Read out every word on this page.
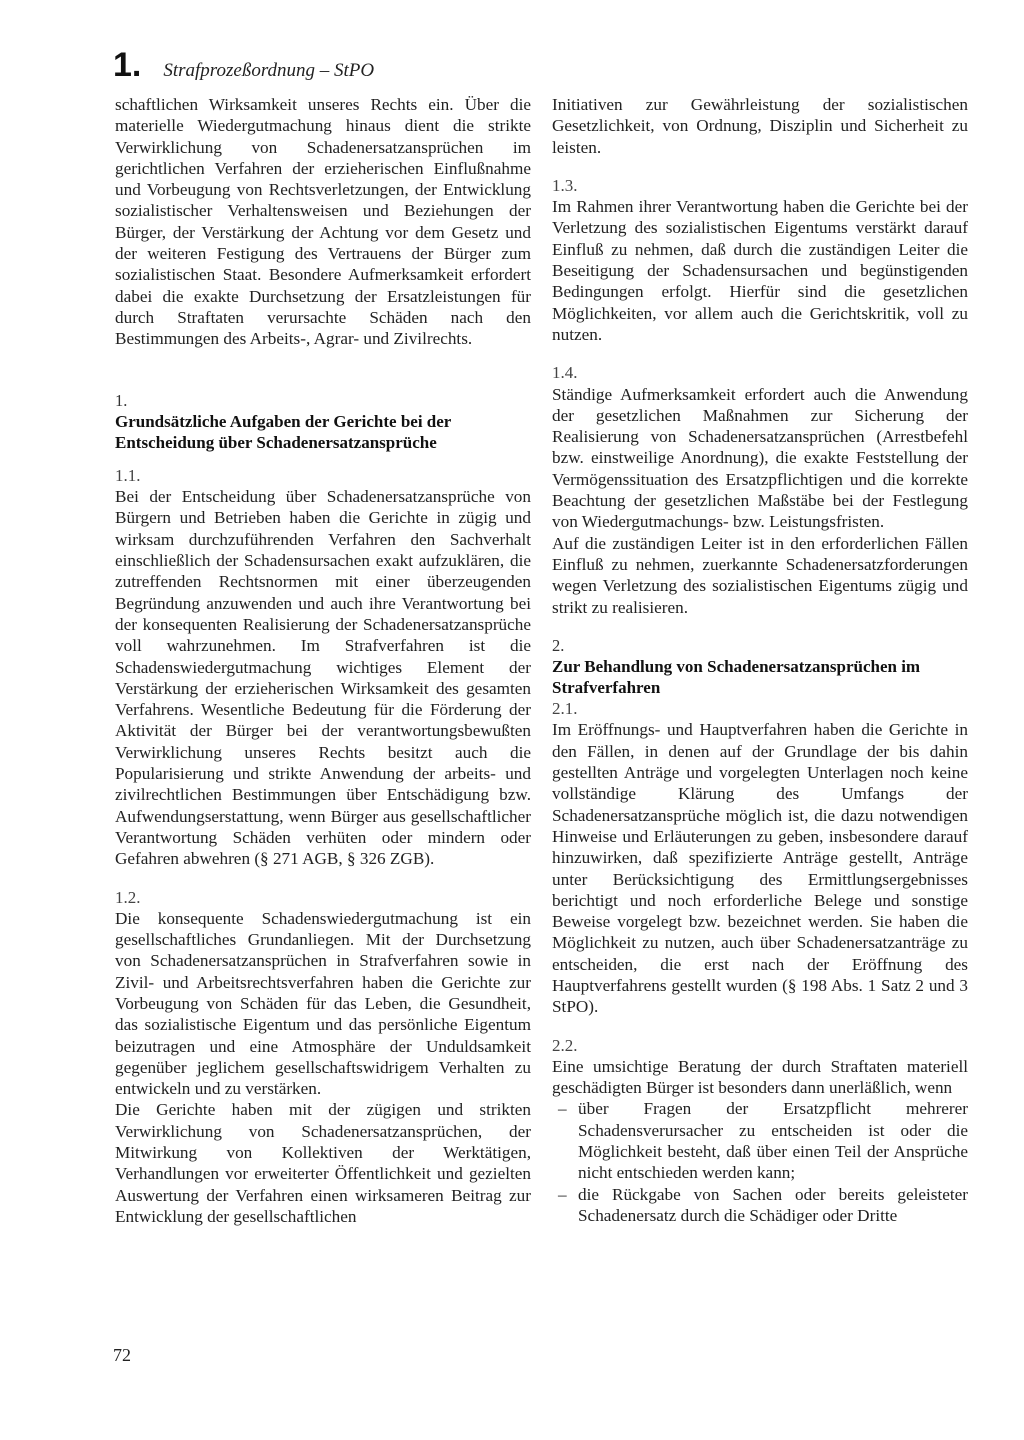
1. Strafprozeßordnung – StPO

schaftlichen Wirksamkeit unseres Rechts ein. Über die materielle Wiedergutmachung hinaus dient die strikte Verwirklichung von Schadenersatzansprüchen im gerichtlichen Verfahren der erzieherischen Einflußnahme und Vorbeugung von Rechtsverletzungen, der Entwicklung sozialistischer Verhaltensweisen und Beziehungen der Bürger, der Verstärkung der Achtung vor dem Gesetz und der weiteren Festigung des Vertrauens der Bürger zum sozialistischen Staat. Besondere Aufmerksamkeit erfordert dabei die exakte Durchsetzung der Ersatzleistungen für durch Straftaten verursachte Schäden nach den Bestimmungen des Arbeits-, Agrar- und Zivilrechts.

1.

Grundsätzliche Aufgaben der Gerichte bei der Entscheidung über Schadenersatzansprüche

1.1.

Bei der Entscheidung über Schadenersatzansprüche von Bürgern und Betrieben haben die Gerichte in zügig und wirksam durchzuführenden Verfahren den Sachverhalt einschließlich der Schadensursachen exakt aufzuklären, die zutreffenden Rechtsnormen mit einer überzeugenden Begründung anzuwenden und auch ihre Verantwortung bei der konsequenten Realisierung der Schadenersatzansprüche voll wahrzunehmen. Im Strafverfahren ist die Schadenswiedergutmachung wichtiges Element der Verstärkung der erzieherischen Wirksamkeit des gesamten Verfahrens. Wesentliche Bedeutung für die Förderung der Aktivität der Bürger bei der verantwortungsbewußten Verwirklichung unseres Rechts besitzt auch die Popularisierung und strikte Anwendung der arbeits- und zivilrechtlichen Bestimmungen über Entschädigung bzw. Aufwendungserstattung, wenn Bürger aus gesellschaftlicher Verantwortung Schäden verhüten oder mindern oder Gefahren abwehren (§ 271 AGB, § 326 ZGB).

1.2.

Die konsequente Schadenswiedergutmachung ist ein gesellschaftliches Grundanliegen. Mit der Durchsetzung von Schadenersatzansprüchen in Strafverfahren sowie in Zivil- und Arbeitsrechtsverfahren haben die Gerichte zur Vorbeugung von Schäden für das Leben, die Gesundheit, das sozialistische Eigentum und das persönliche Eigentum beizutragen und eine Atmosphäre der Unduldsamkeit gegenüber jeglichem gesellschaftswidrigem Verhalten zu entwickeln und zu verstärken.

Die Gerichte haben mit der zügigen und strikten Verwirklichung von Schadenersatzansprüchen, der Mitwirkung von Kollektiven der Werktätigen, Verhandlungen vor erweiterter Öffentlichkeit und gezielten Auswertung der Verfahren einen wirksameren Beitrag zur Entwicklung der gesellschaftlichen

Initiativen zur Gewährleistung der sozialistischen Gesetzlichkeit, von Ordnung, Disziplin und Sicherheit zu leisten.

1.3.

Im Rahmen ihrer Verantwortung haben die Gerichte bei der Verletzung des sozialistischen Eigentums verstärkt darauf Einfluß zu nehmen, daß durch die zuständigen Leiter die Beseitigung der Schadensursachen und begünstigenden Bedingungen erfolgt. Hierfür sind die gesetzlichen Möglichkeiten, vor allem auch die Gerichtskritik, voll zu nutzen.

1.4.

Ständige Aufmerksamkeit erfordert auch die Anwendung der gesetzlichen Maßnahmen zur Sicherung der Realisierung von Schadenersatzansprüchen (Arrestbefehl bzw. einstweilige Anordnung), die exakte Feststellung der Vermögenssituation des Ersatzpflichtigen und die korrekte Beachtung der gesetzlichen Maßstäbe bei der Festlegung von Wiedergutmachungs- bzw. Leistungsfristen.

Auf die zuständigen Leiter ist in den erforderlichen Fällen Einfluß zu nehmen, zuerkannte Schadenersatzforderungen wegen Verletzung des sozialistischen Eigentums zügig und strikt zu realisieren.

2.

Zur Behandlung von Schadenersatzansprüchen im Strafverfahren

2.1.

Im Eröffnungs- und Hauptverfahren haben die Gerichte in den Fällen, in denen auf der Grundlage der bis dahin gestellten Anträge und vorgelegten Unterlagen noch keine vollständige Klärung des Umfangs der Schadenersatzansprüche möglich ist, die dazu notwendigen Hinweise und Erläuterungen zu geben, insbesondere darauf hinzuwirken, daß spezifizierte Anträge gestellt, Anträge unter Berücksichtigung des Ermittlungsergebnisses berichtigt und noch erforderliche Belege und sonstige Beweise vorgelegt bzw. bezeichnet werden. Sie haben die Möglichkeit zu nutzen, auch über Schadenersatzanträge zu entscheiden, die erst nach der Eröffnung des Hauptverfahrens gestellt wurden (§ 198 Abs. 1 Satz 2 und 3 StPO).

2.2.

Eine umsichtige Beratung der durch Straftaten materiell geschädigten Bürger ist besonders dann unerläßlich, wenn

– über Fragen der Ersatzpflicht mehrerer Schadensverursacher zu entscheiden ist oder die Möglichkeit besteht, daß über einen Teil der Ansprüche nicht entschieden werden kann;
– die Rückgabe von Sachen oder bereits geleisteter Schadenersatz durch die Schädiger oder Dritte
72
